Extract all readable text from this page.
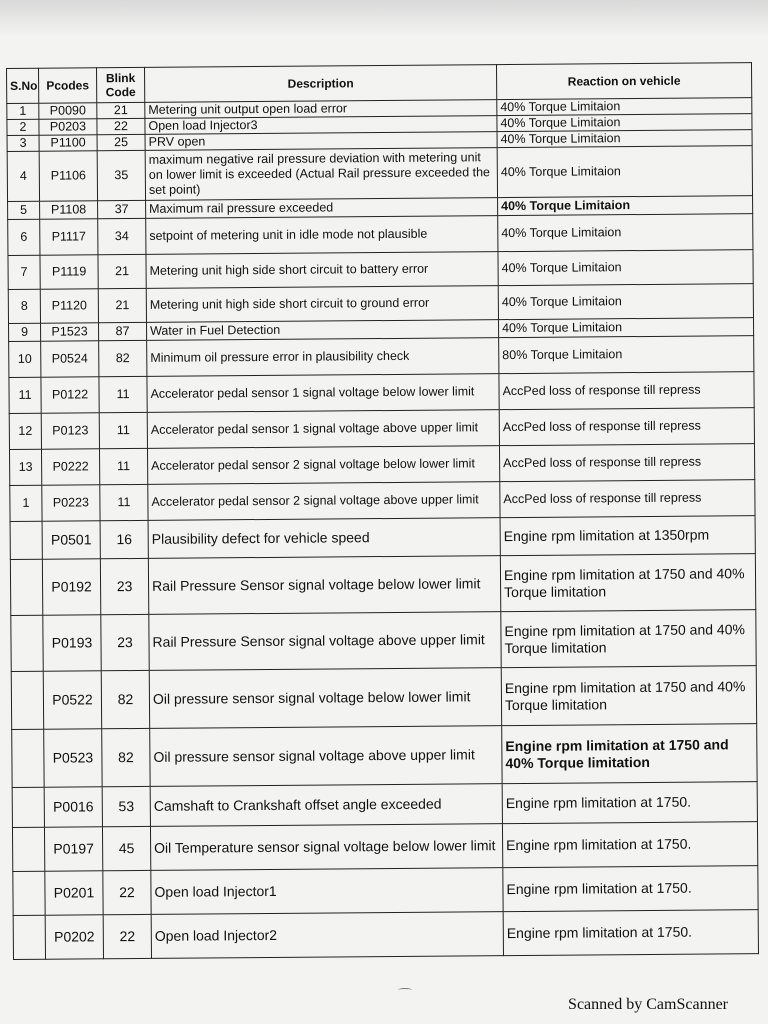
S.No	Pcodes	Blink Code	Description	Reaction on vehicle
1	P0090	21	Metering unit output open load error	40% Torque Limitaion
2	P0203	22	Open load Injector3	40% Torque Limitaion
3	P1100	25	PRV open	40% Torque Limitaion
4	P1106	35	maximum negative rail pressure deviation with metering unit on lower limit is exceeded (Actual Rail pressure exceeded the set point)	40% Torque Limitaion
5	P1108	37	Maximum rail pressure exceeded	40% Torque Limitaion
6	P1117	34	setpoint of metering unit in idle mode not plausible	40% Torque Limitaion
7	P1119	21	Metering unit high side short circuit to battery error	40% Torque Limitaion
8	P1120	21	Metering unit high side short circuit to ground error	40% Torque Limitaion
9	P1523	87	Water in Fuel Detection	40% Torque Limitaion
10	P0524	82	Minimum oil pressure error in plausibility check	80% Torque Limitaion
11	P0122	11	Accelerator pedal sensor 1 signal voltage below lower limit	AccPed loss of response till repress
12	P0123	11	Accelerator pedal sensor 1 signal voltage above upper limit	AccPed loss of response till repress
13	P0222	11	Accelerator pedal sensor 2 signal voltage below lower limit	AccPed loss of response till repress
1	P0223	11	Accelerator pedal sensor 2 signal voltage above upper limit	AccPed loss of response till repress
	P0501	16	Plausibility defect for vehicle speed	Engine rpm limitation at 1350rpm
	P0192	23	Rail Pressure Sensor signal voltage below lower limit	Engine rpm limitation at 1750 and 40% Torque limitation
	P0193	23	Rail Pressure Sensor signal voltage above upper limit	Engine rpm limitation at 1750 and 40% Torque limitation
	P0522	82	Oil pressure sensor signal voltage below lower limit	Engine rpm limitation at 1750 and 40% Torque limitation
	P0523	82	Oil pressure sensor signal voltage above upper limit	Engine rpm limitation at 1750 and 40% Torque limitation
	P0016	53	Camshaft to Crankshaft offset angle exceeded	Engine rpm limitation at 1750.
	P0197	45	Oil Temperature sensor signal voltage below lower limit	Engine rpm limitation at 1750.
	P0201	22	Open load Injector1	Engine rpm limitation at 1750.
	P0202	22	Open load Injector2	Engine rpm limitation at 1750.
Scanned by CamScanner
